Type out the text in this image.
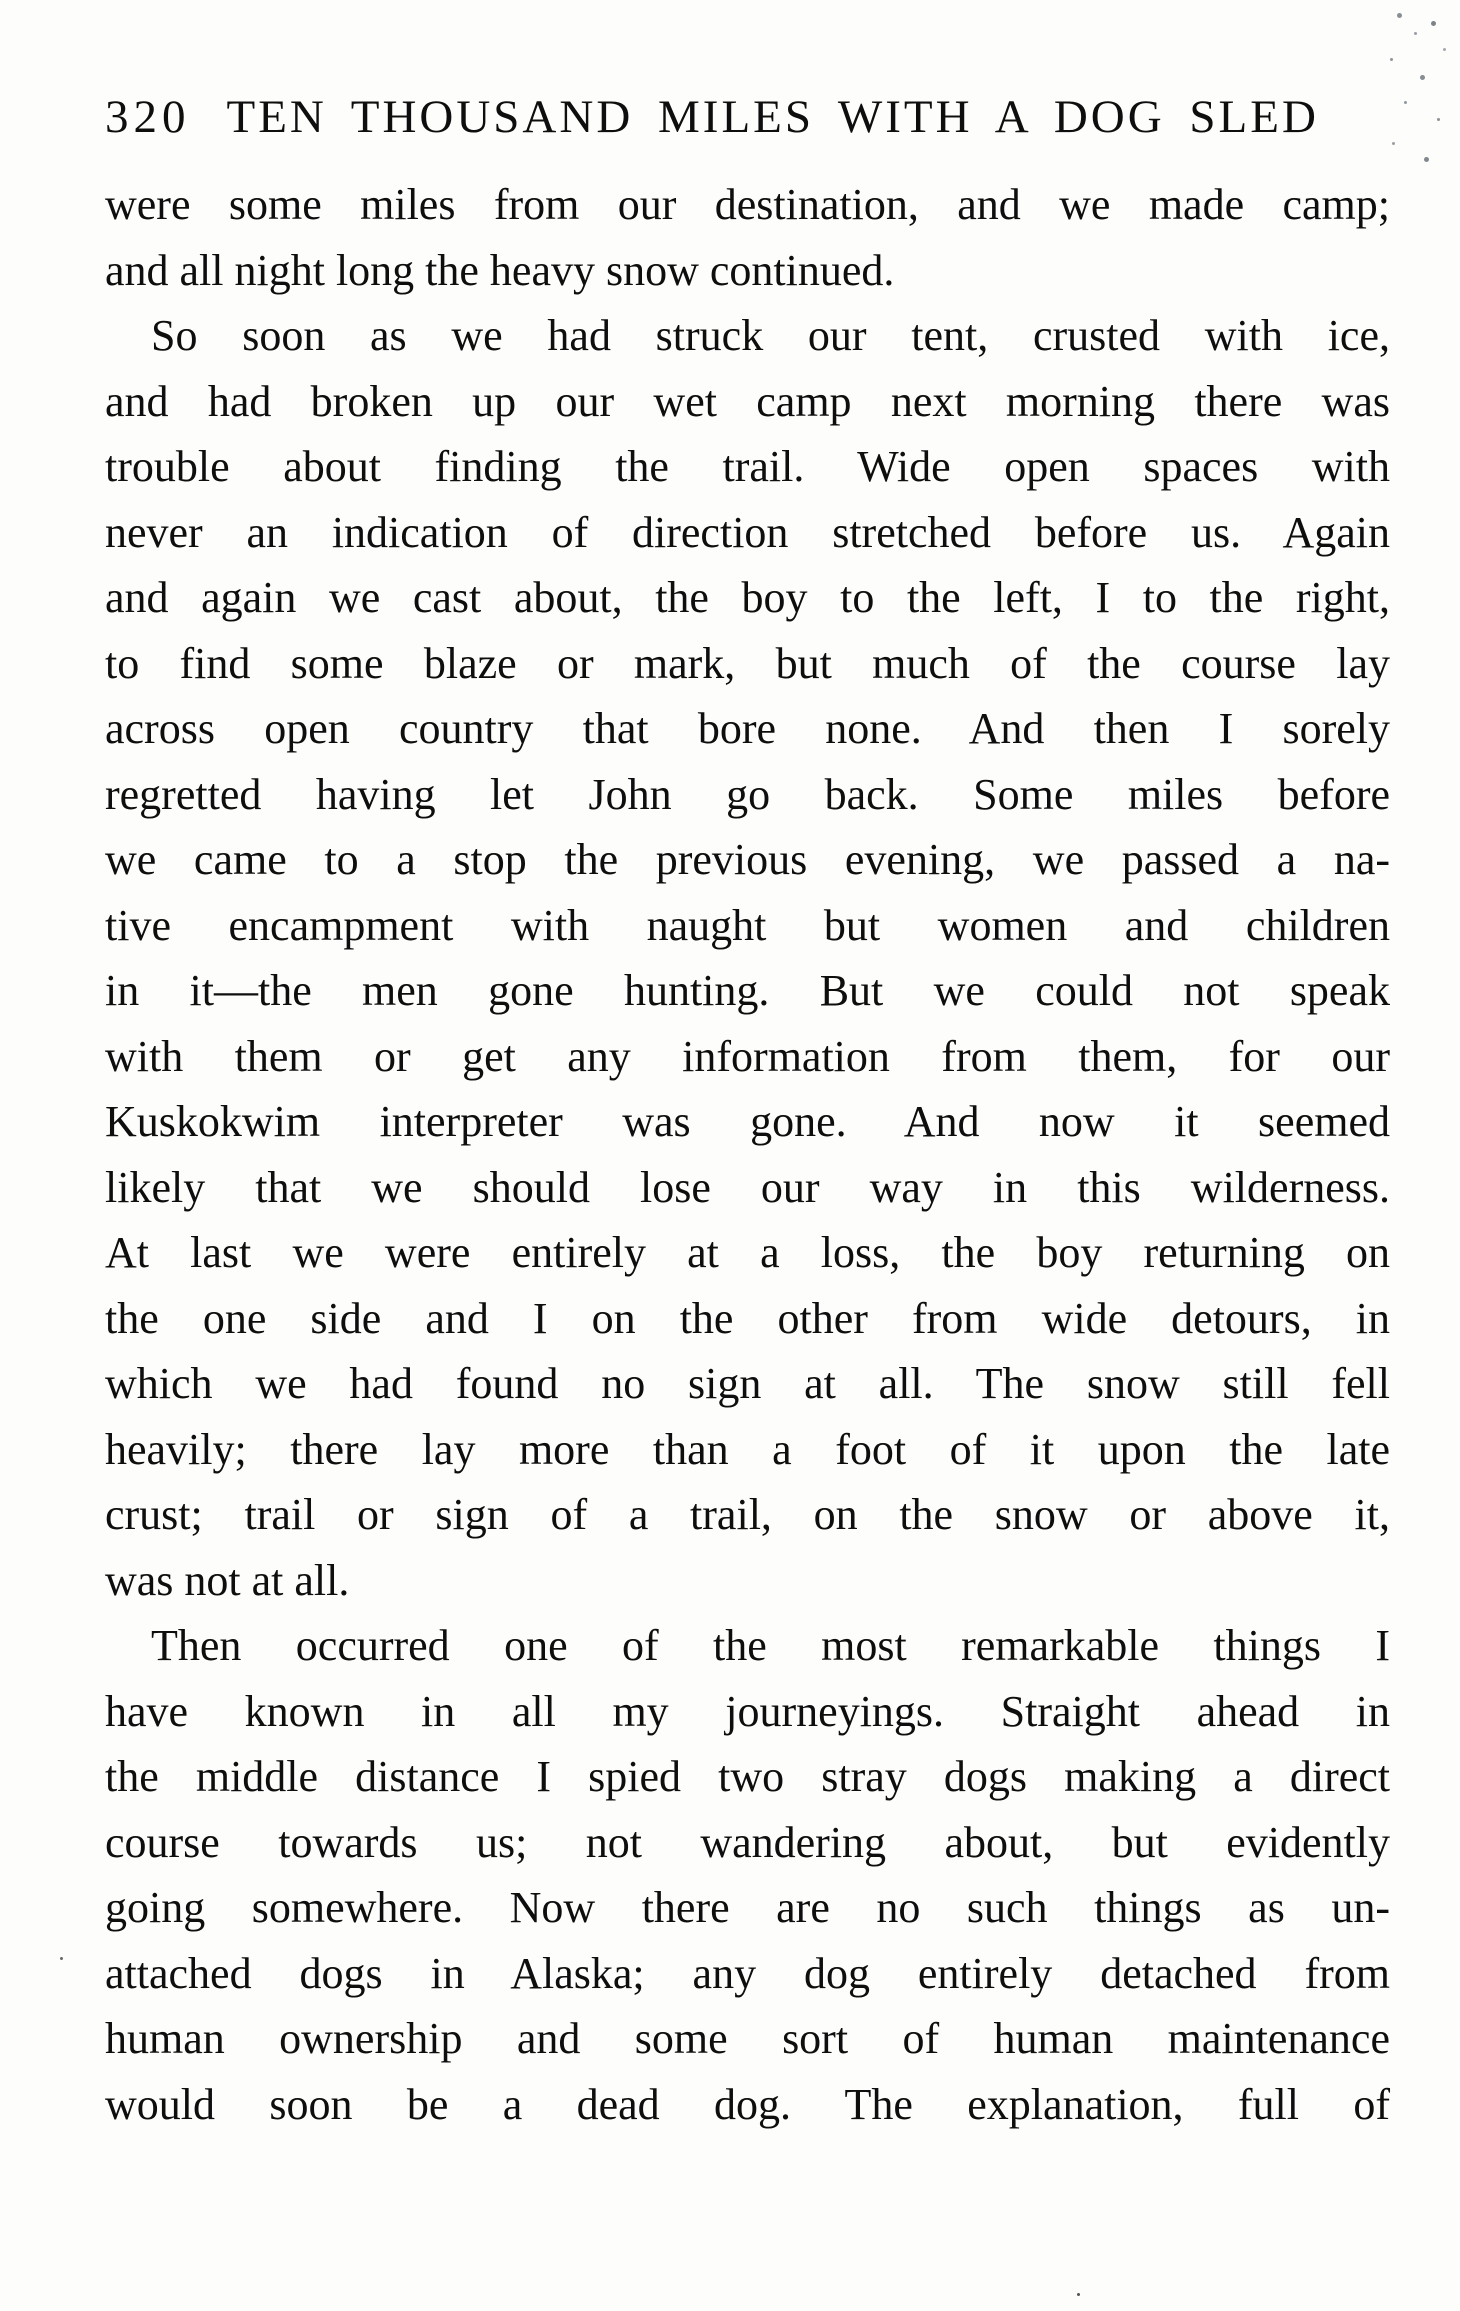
320 TEN THOUSAND MILES WITH A DOG SLED
were some miles from our destination, and we made camp;
and all night long the heavy snow continued.
So soon as we had struck our tent, crusted with ice,
and had broken up our wet camp next morning there was
trouble about finding the trail. Wide open spaces with
never an indication of direction stretched before us. Again
and again we cast about, the boy to the left, I to the right,
to find some blaze or mark, but much of the course lay
across open country that bore none. And then I sorely
regretted having let John go back. Some miles before
we came to a stop the previous evening, we passed a na-
tive encampment with naught but women and children
in it—the men gone hunting. But we could not speak
with them or get any information from them, for our
Kuskokwim interpreter was gone. And now it seemed
likely that we should lose our way in this wilderness.
At last we were entirely at a loss, the boy returning on
the one side and I on the other from wide detours, in
which we had found no sign at all. The snow still fell
heavily; there lay more than a foot of it upon the late
crust; trail or sign of a trail, on the snow or above it,
was not at all.
Then occurred one of the most remarkable things I
have known in all my journeyings. Straight ahead in
the middle distance I spied two stray dogs making a direct
course towards us; not wandering about, but evidently
going somewhere. Now there are no such things as un-
attached dogs in Alaska; any dog entirely detached from
human ownership and some sort of human maintenance
would soon be a dead dog. The explanation, full of
